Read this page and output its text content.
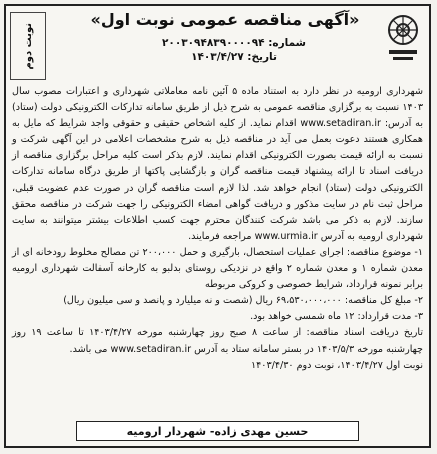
«آگهی مناقصه عمومی نوبت اول»
شماره: ۲۰۰۳۰۹۴۸۳۹۰۰۰۰۹۴
تاریخ: ۱۴۰۳/۴/۲۷
نوبت دوم

شهرداری ارومیه در نظر دارد به استناد ماده ۵ آئین نامه معاملاتی شهرداری و اعتبارات مصوب سال ۱۴۰۳ نسبت به برگزاری مناقصه عمومی به شرح ذیل از طریق سامانه تدارکات الکترونیکی دولت (ستاد) به آدرس: www.setadiran.ir اقدام نماید. از کلیه اشخاص حقیقی و حقوقی واجد شرایط که مایل به همکاری هستند دعوت بعمل می آید در مناقصه ذیل به شرح مشخصات اعلامی در این آگهی شرکت و نسبت به ارائه قیمت بصورت الکترونیکی اقدام نمایند. لازم بذکر است کلیه مراحل برگزاری مناقصه از دریافت اسناد تا ارائه پیشنهاد قیمت مناقصه گران و بازگشایی پاکتها از طریق درگاه سامانه تدارکات الکترونیکی دولت (ستاد) انجام خواهد شد. لذا لازم است مناقصه گران در صورت عدم عضویت قبلی، مراحل ثبت نام در سایت مذکور و دریافت گواهی امضاء الکترونیکی را جهت شرکت در مناقصه محقق سازند. لازم به ذکر می باشد شرکت کنندگان محترم جهت کسب اطلاعات بیشتر میتوانند به سایت شهرداری ارومیه به آدرس www.urmia.ir مراجعه فرمایند.

۱- موضوع مناقصه: اجرای عملیات استحصال، بارگیری و حمل ۲۰۰،۰۰۰ تن مصالح مخلوط رودخانه ای از معدن شماره ۱ و معدن شماره ۲ واقع در نزدیکی روستای بدلبو به کارخانه آسفالت شهرداری ارومیه برابر نمونه قرارداد، شرایط خصوصی و کروکی مربوطه

۲- مبلغ کل مناقصه: ۶۹،۵۳۰،۰۰۰،۰۰۰ ریال (شصت و نه میلیارد و پانصد و سی میلیون ریال)

۳- مدت قرارداد: ۱۲ ماه شمسی خواهد بود.

تاریخ دریافت اسناد مناقصه: از ساعت ۸ صبح روز چهارشنبه مورخه ۱۴۰۳/۴/۲۷ تا ساعت ۱۹ روز چهارشنبه مورخه ۱۴۰۳/۵/۳ در بستر سامانه ستاد به آدرس www.setadiran.ir می باشد.

نوبت اول ۱۴۰۳/۴/۲۷، نوبت دوم ۱۴۰۳/۴/۳۰

حسین مهدی زاده- شهردار ارومیه
